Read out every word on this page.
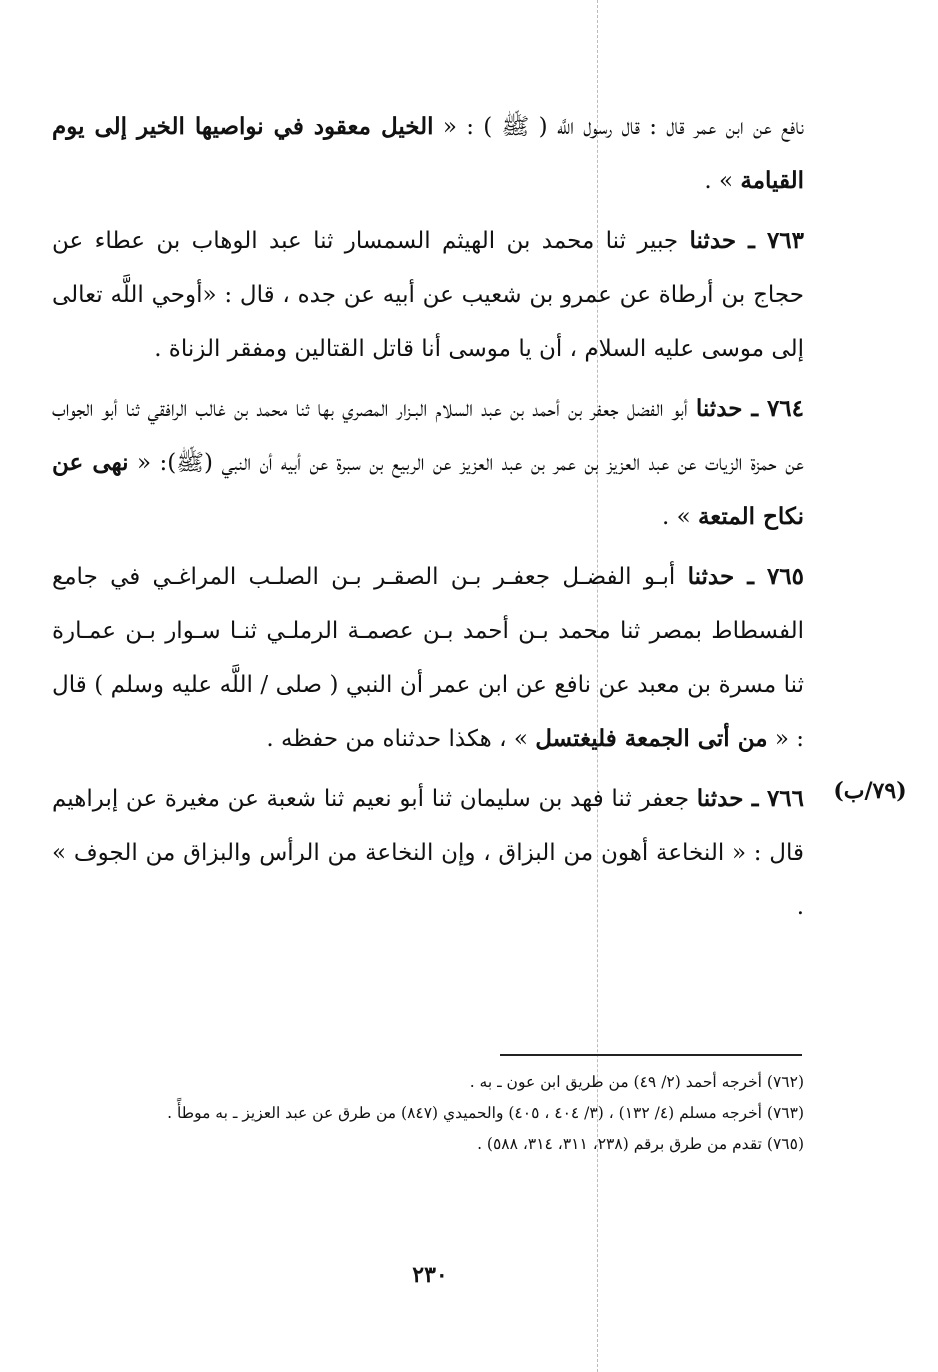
نافع عن ابن عمر قال : قال رسول اللَّه ( ﷺ ) : « الخيل معقود في نواصيها الخير إلى يوم القيامة » .

٧٦٣ ـ حدثنا جبير ثنا محمد بن الهيثم السمسار ثنا عبد الوهاب بن عطاء عن حجاج بن أرطاة عن عمرو بن شعيب عن أبيه عن جده ، قال : «أوحي اللَّه تعالى إلى موسى عليه السلام ، أن يا موسى أنا قاتل القتالين ومفقر الزناة .

٧٦٤ ـ حدثنا أبو الفضل جعفر بن أحمد بن عبد السلام البـزار المصري بها ثنا محمد بن غالب الرافقي ثنا أبو الجواب عن حمزة الزيات عن عبد العزيز بن عمر بن عبد العزيز عن الربيع بن سبرة عن أبيه أن النبي (ﷺ): « نهى عن نكاح المتعة » .

٧٦٥ ـ حدثنا أبـو الفضـل جعفـر بـن الصقـر بـن الصلـب المراغـي في جامع الفسطاط بمصر ثنا محمد بـن أحمد بـن عصمـة الرملـي ثنـا سـوار بـن عمـارة ثنا مسرة بن معبد عن نافع عن ابن عمر أن النبي ( صلى / اللَّه عليه وسلم ) قال : « من أتى الجمعة فليغتسل » ، هكذا حدثناه من حفظه .

٧٦٦ ـ حدثنا جعفر ثنا فهد بن سليمان ثنا أبو نعيم ثنا شعبة عن مغيرة عن إبراهيم قال : « النخاعة أهون من البزاق ، وإن النخاعة من الرأس والبزاق من الجوف » .

(٧٩/ب)

(٧٦٢) أخرجه أحمد (٢/ ٤٩) من طريق ابن عون ـ به .

(٧٦٣) أخرجه مسلم (٤/ ١٣٢) ، (٣/ ٤٠٤ ، ٤٠٥) والحميدي (٨٤٧) من طرق عن عبد العزيز ـ به موطأً .

(٧٦٥) تقدم من طرق برقم (٢٣٨، ٣١١، ٣١٤، ٥٨٨) .

٢٣٠
